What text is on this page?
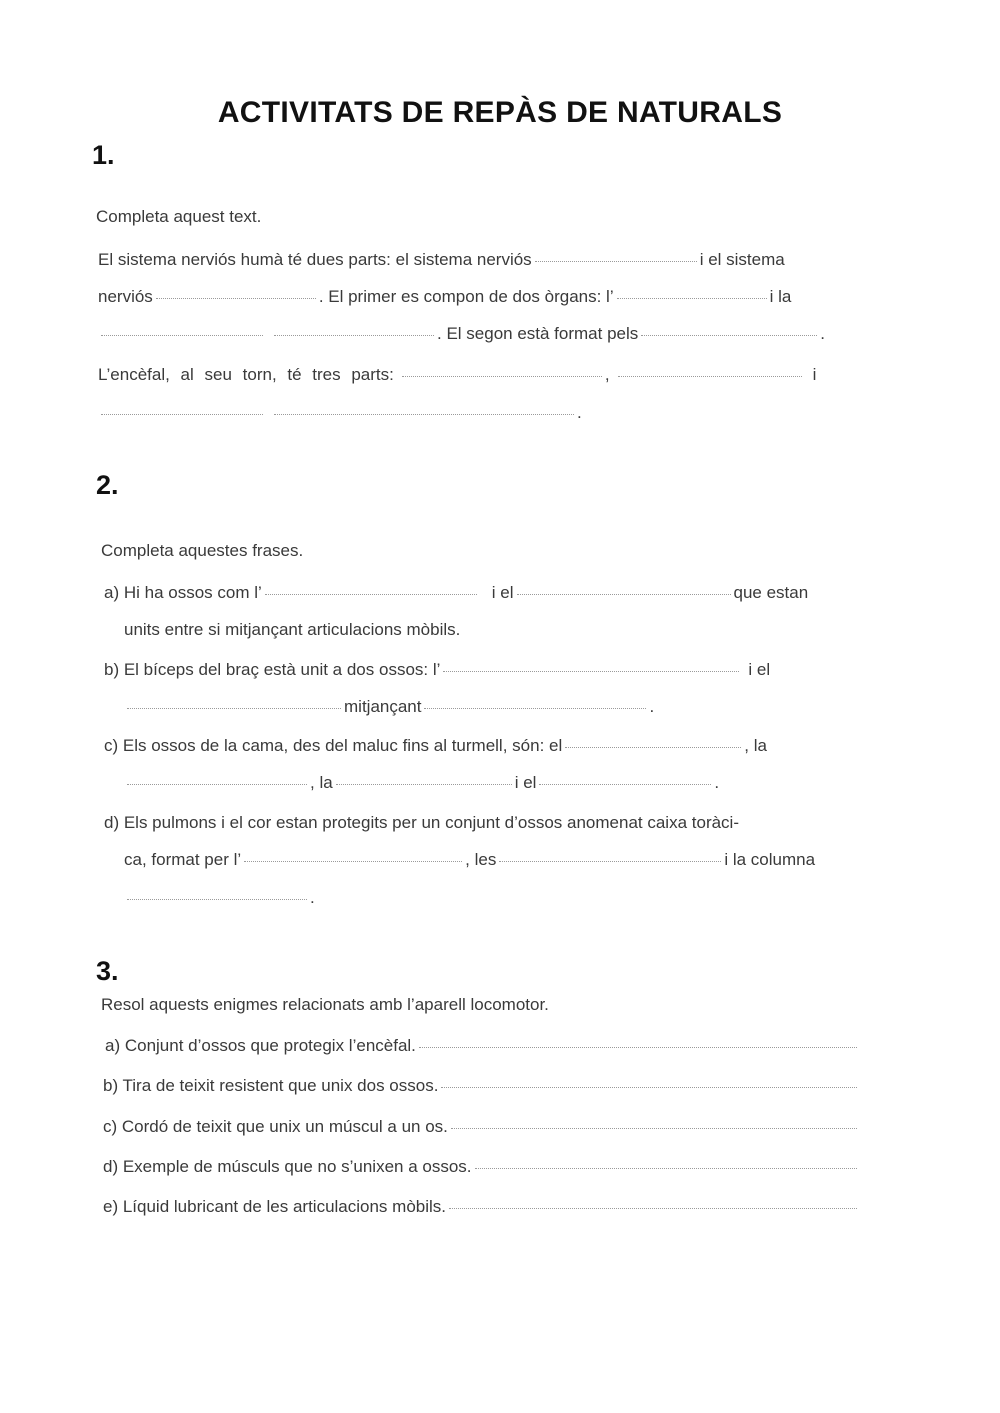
ACTIVITATS DE REPÀS DE NATURALS
1.
Completa aquest text.
El sistema nerviós humà té dues parts: el sistema nerviós	i el sistema
nerviós	. El primer es compon de dos òrgans: l’	i la
. El segon està format pels	.
L’encèfal, al seu torn, té tres parts:	,	i
.
2.
Completa aquestes frases.
a) Hi ha ossos com l’	i el	que estan
units entre si mitjançant articulacions mòbils.
b) El bíceps del braç està unit a dos ossos: l’	i el
mitjançant	.
c) Els ossos de la cama, des del maluc fins al turmell, són: el	, la
, la	i el	.
d) Els pulmons i el cor estan protegits per un conjunt d’ossos anomenat caixa toràci-
ca, format per l’	, les	i la columna
.
3.
Resol aquests enigmes relacionats amb l’aparell locomotor.
a) Conjunt d’ossos que protegix l’encèfal.
b) Tira de teixit resistent que unix dos ossos.
c) Cordó de teixit que unix un múscul a un os.
d) Exemple de músculs que no s’unixen a ossos.
e) Líquid lubricant de les articulacions mòbils.
